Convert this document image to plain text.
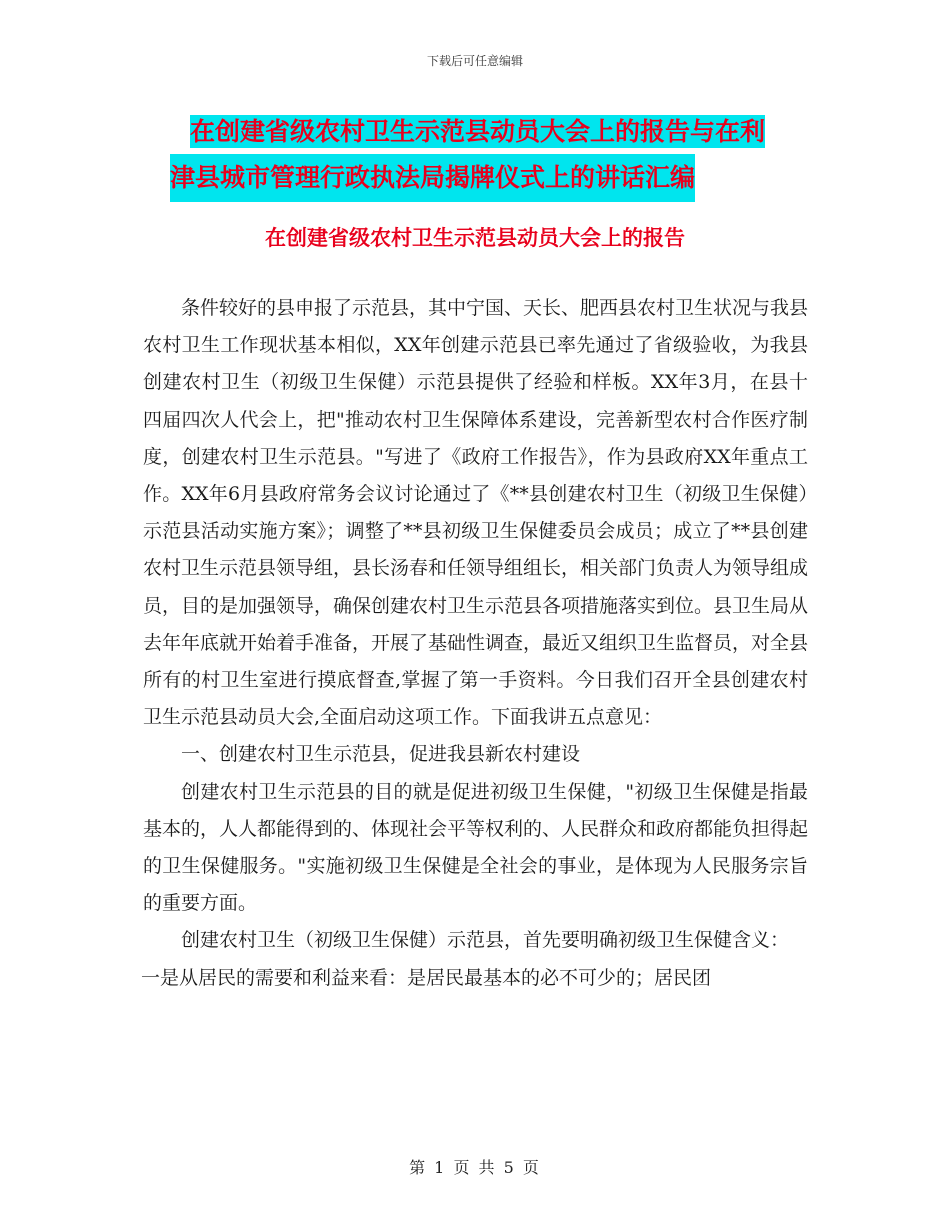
下载后可任意编辑
在创建省级农村卫生示范县动员大会上的报告与在利
津县城市管理行政执法局揭牌仪式上的讲话汇编
在创建省级农村卫生示范县动员大会上的报告

条件较好的县申报了示范县，其中宁国、天长、肥西县农村卫生状况与我县农村卫生工作现状基本相似，XX年创建示范县已率先通过了省级验收，为我县创建农村卫生（初级卫生保健）示范县提供了经验和样板。XX年3月，在县十四届四次人代会上，把"推动农村卫生保障体系建设，完善新型农村合作医疗制度，创建农村卫生示范县。"写进了《政府工作报告》，作为县政府XX年重点工作。XX年6月县政府常务会议讨论通过了《**县创建农村卫生（初级卫生保健）示范县活动实施方案》；调整了**县初级卫生保健委员会成员；成立了**县创建农村卫生示范县领导组，县长汤春和任领导组组长，相关部门负责人为领导组成员，目的是加强领导，确保创建农村卫生示范县各项措施落实到位。县卫生局从去年年底就开始着手准备，开展了基础性调查，最近又组织卫生监督员，对全县所有的村卫生室进行摸底督查,掌握了第一手资料。今日我们召开全县创建农村卫生示范县动员大会,全面启动这项工作。下面我讲五点意见：

一、创建农村卫生示范县，促进我县新农村建设

创建农村卫生示范县的目的就是促进初级卫生保健，"初级卫生保健是指最基本的，人人都能得到的、体现社会平等权利的、人民群众和政府都能负担得起的卫生保健服务。"实施初级卫生保健是全社会的事业，是体现为人民服务宗旨的重要方面。

创建农村卫生（初级卫生保健）示范县，首先要明确初级卫生保健含义：

一是从居民的需要和利益来看：是居民最基本的必不可少的；居民团

第 1 页 共 5 页
